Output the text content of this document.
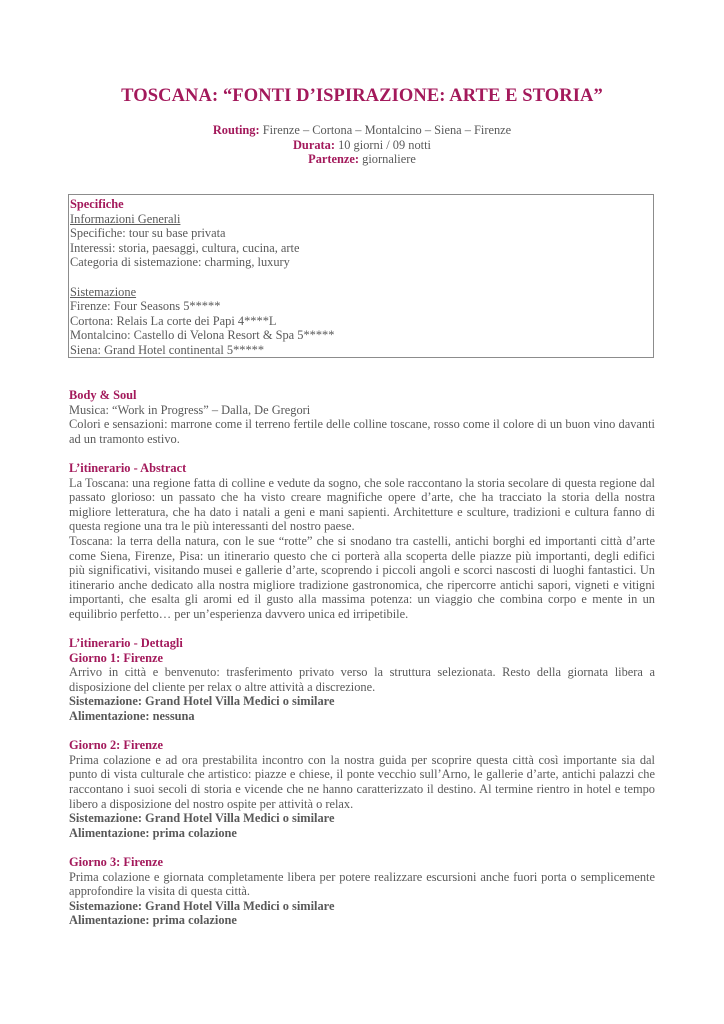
TOSCANA: “FONTI D’ISPIRAZIONE: ARTE E STORIA”
Routing: Firenze – Cortona – Montalcino – Siena – Firenze
Durata: 10 giorni / 09 notti
Partenze: giornaliere
Specifiche
Informazioni Generali
Specifiche: tour su base privata
Interessi: storia, paesaggi, cultura, cucina, arte
Categoria di sistemazione: charming, luxury
Sistemazione
Firenze: Four Seasons 5*****
Cortona: Relais La corte dei Papi 4****L
Montalcino: Castello di Velona Resort & Spa 5*****
Siena: Grand Hotel continental 5*****

Body & Soul

Musica: “Work in Progress” – Dalla, De Gregori

Colori e sensazioni: marrone come il terreno fertile delle colline toscane, rosso come il colore di un buon vino davanti ad un tramonto estivo.

L’itinerario - Abstract

La Toscana: una regione fatta di colline e vedute da sogno, che sole raccontano la storia secolare di questa regione dal passato glorioso: un passato che ha visto creare magnifiche opere d’arte, che ha tracciato la storia della nostra migliore letteratura, che ha dato i natali a geni e mani sapienti. Architetture e sculture, tradizioni e cultura fanno di questa regione una tra le più interessanti del nostro paese.

Toscana: la terra della natura, con le sue “rotte” che si snodano tra castelli, antichi borghi ed importanti città d’arte come Siena, Firenze, Pisa: un itinerario questo che ci porterà alla scoperta delle piazze più importanti, degli edifici più significativi, visitando musei e gallerie d’arte, scoprendo i piccoli angoli e scorci nascosti di luoghi fantastici. Un itinerario anche dedicato alla nostra migliore tradizione gastronomica, che ripercorre antichi sapori, vigneti e vitigni importanti, che esalta gli aromi ed il gusto alla massima potenza: un viaggio che combina corpo e mente in un equilibrio perfetto… per un’esperienza davvero unica ed irripetibile.

L’itinerario - Dettagli

Giorno 1: Firenze

Arrivo in città e benvenuto: trasferimento privato verso la struttura selezionata. Resto della giornata libera a disposizione del cliente per relax o altre attività a discrezione.

Sistemazione: Grand Hotel Villa Medici o similare

Alimentazione: nessuna

Giorno 2: Firenze

Prima colazione e ad ora prestabilita incontro con la nostra guida per scoprire questa città così importante sia dal punto di vista culturale che artistico: piazze e chiese, il ponte vecchio sull’Arno, le gallerie d’arte, antichi palazzi che raccontano i suoi secoli di storia e vicende che ne hanno caratterizzato il destino. Al termine rientro in hotel e tempo libero a disposizione del nostro ospite per attività o relax.

Sistemazione: Grand Hotel Villa Medici o similare

Alimentazione: prima colazione

Giorno 3: Firenze

Prima colazione e giornata completamente libera per potere realizzare escursioni anche fuori porta o semplicemente approfondire la visita di questa città.

Sistemazione: Grand Hotel Villa Medici o similare

Alimentazione: prima colazione
